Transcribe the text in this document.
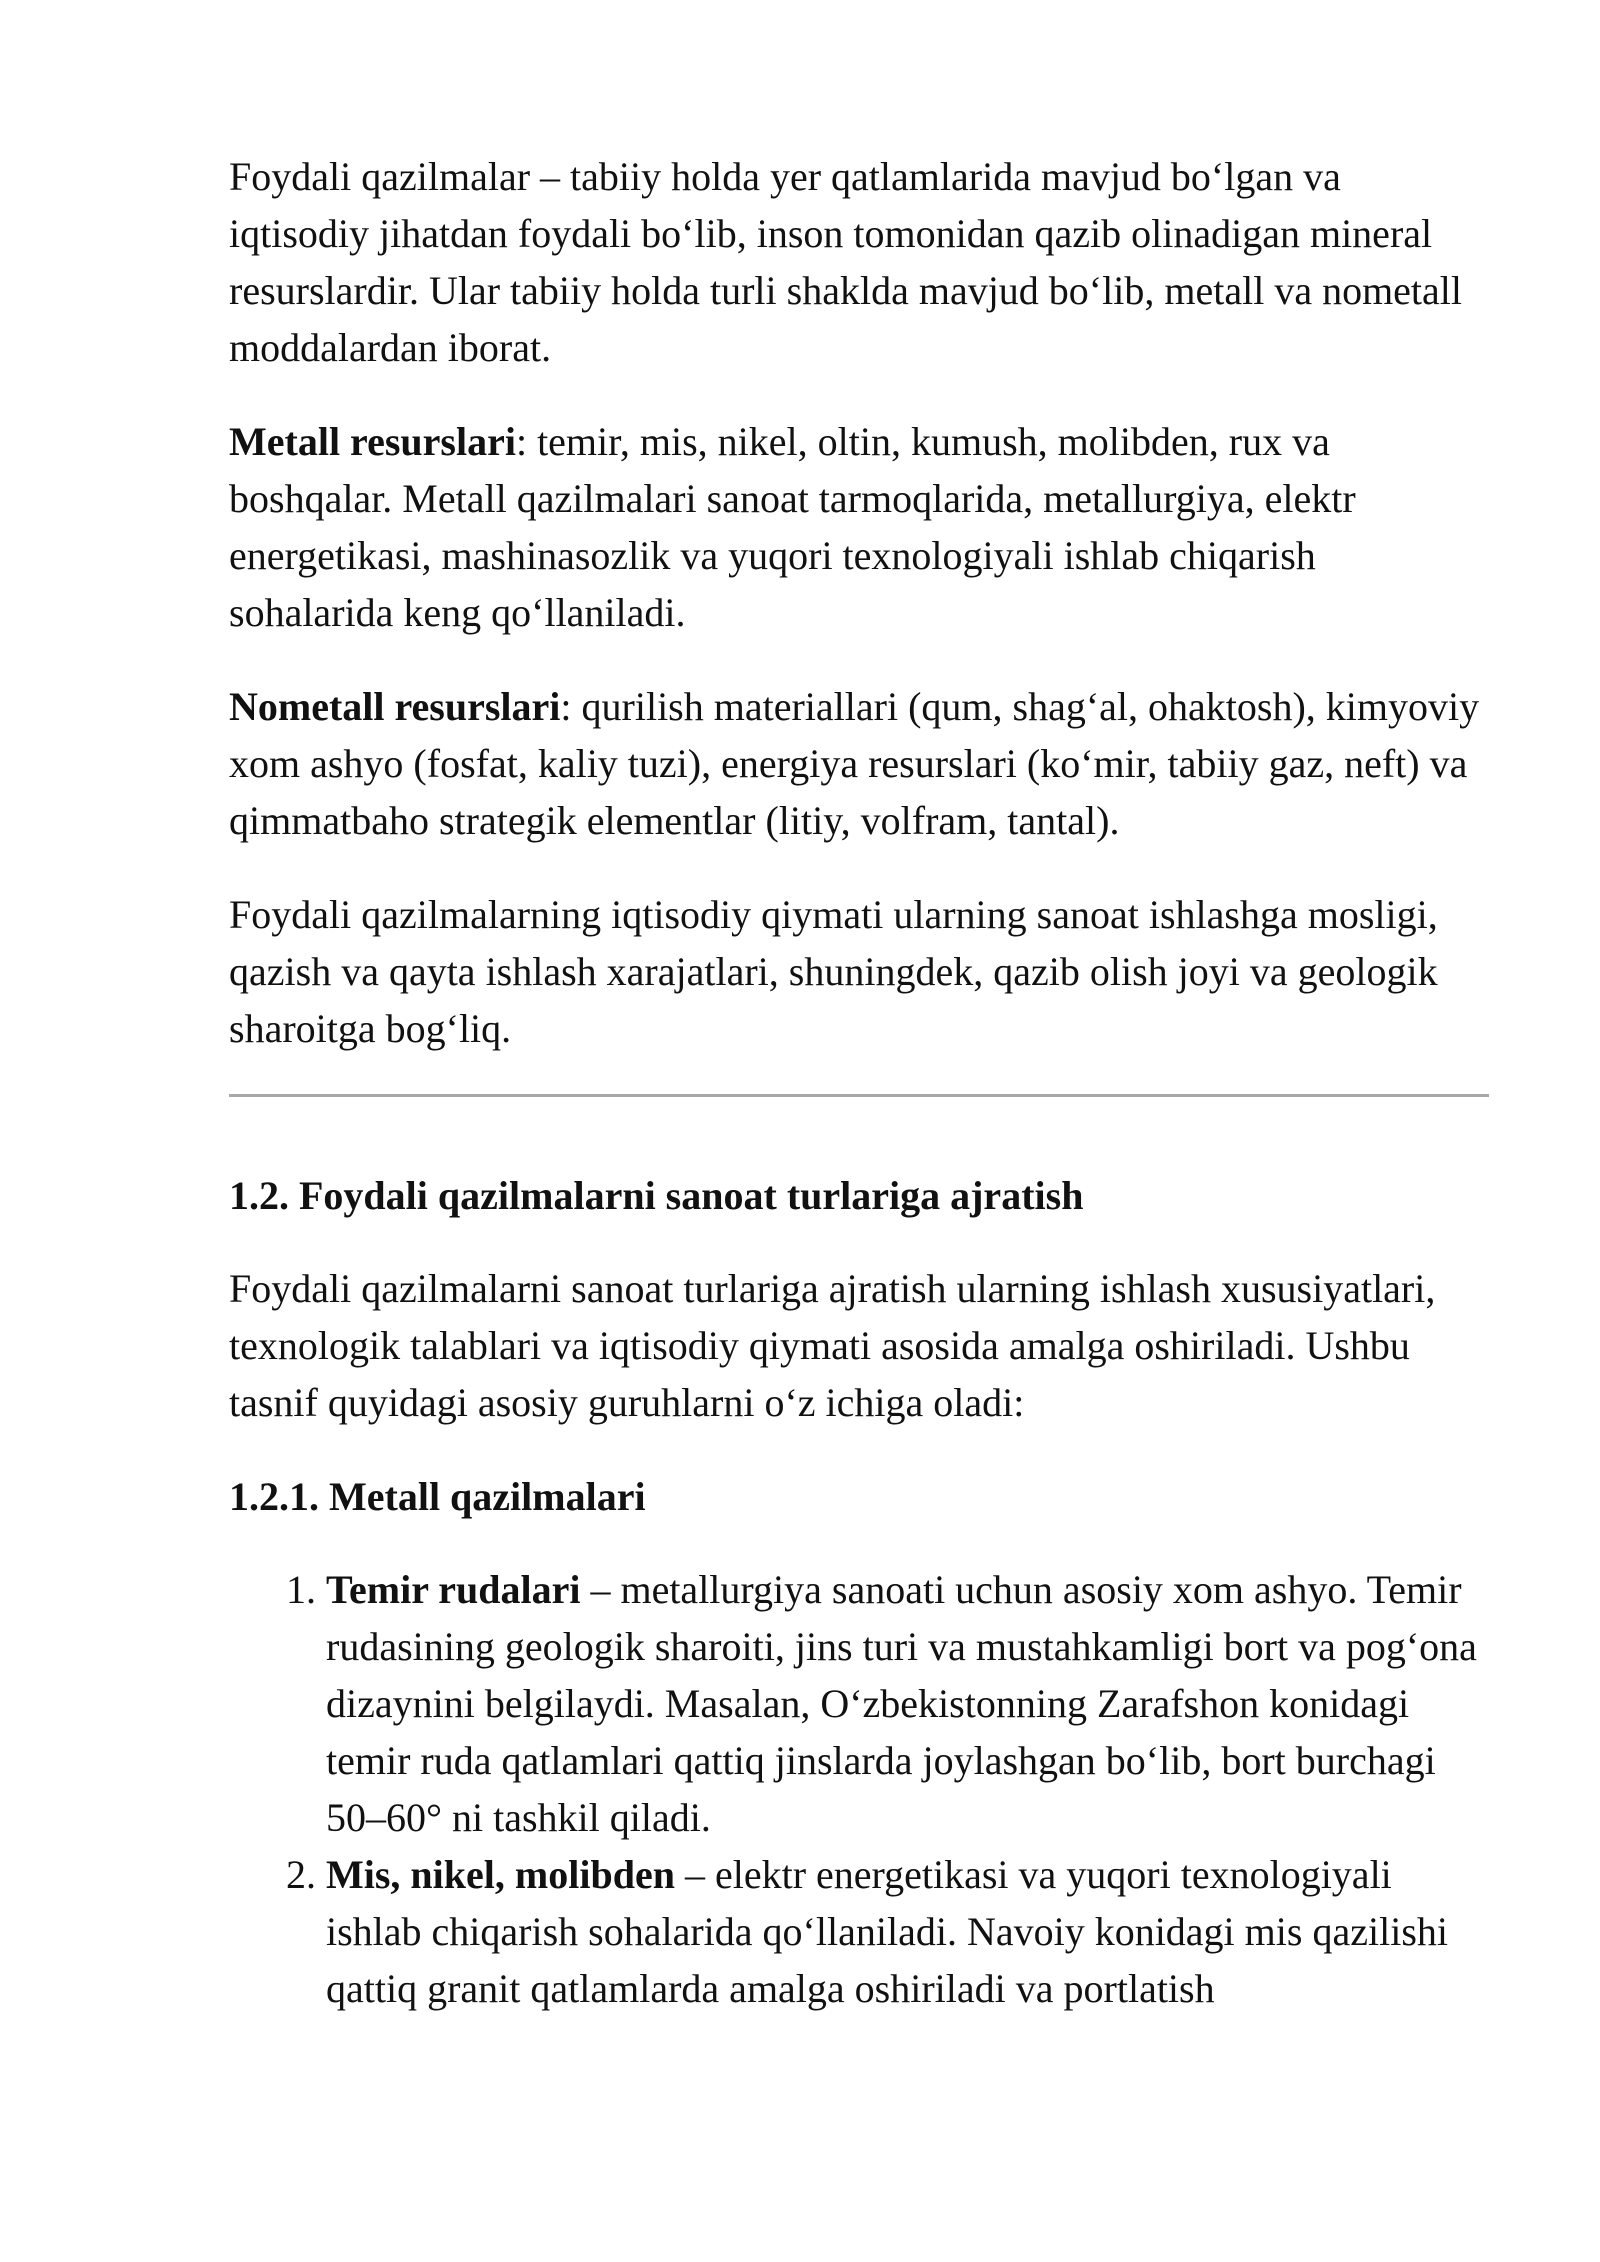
Foydali qazilmalar – tabiiy holda yer qatlamlarida mavjud bo‘lgan va iqtisodiy jihatdan foydali bo‘lib, inson tomonidan qazib olinadigan mineral resurslardir. Ular tabiiy holda turli shaklda mavjud bo‘lib, metall va nometall moddalardan iborat.

Metall resurslari: temir, mis, nikel, oltin, kumush, molibden, rux va boshqalar. Metall qazilmalari sanoat tarmoqlarida, metallurgiya, elektr energetikasi, mashinasozlik va yuqori texnologiyali ishlab chiqarish sohalarida keng qo‘llaniladi.

Nometall resurslari: qurilish materiallari (qum, shag‘al, ohaktosh), kimyoviy xom ashyo (fosfat, kaliy tuzi), energiya resurslari (ko‘mir, tabiiy gaz, neft) va qimmatbaho strategik elementlar (litiy, volfram, tantal).

Foydali qazilmalarning iqtisodiy qiymati ularning sanoat ishlashga mosligi, qazish va qayta ishlash xarajatlari, shuningdek, qazib olish joyi va geologik sharoitga bog‘liq.

1.2. Foydali qazilmalarni sanoat turlariga ajratish

Foydali qazilmalarni sanoat turlariga ajratish ularning ishlash xususiyatlari, texnologik talablari va iqtisodiy qiymati asosida amalga oshiriladi. Ushbu tasnif quyidagi asosiy guruhlarni o‘z ichiga oladi:

1.2.1. Metall qazilmalari
1. Temir rudalari – metallurgiya sanoati uchun asosiy xom ashyo. Temir rudasining geologik sharoiti, jins turi va mustahkamligi bort va pog‘ona dizaynini belgilaydi. Masalan, O‘zbekistonning Zarafshon konidagi temir ruda qatlamlari qattiq jinslarda joylashgan bo‘lib, bort burchagi 50–60° ni tashkil qiladi.
2. Mis, nikel, molibden – elektr energetikasi va yuqori texnologiyali ishlab chiqarish sohalarida qo‘llaniladi. Navoiy konidagi mis qazilishi qattiq granit qatlamlarda amalga oshiriladi va portlatish
